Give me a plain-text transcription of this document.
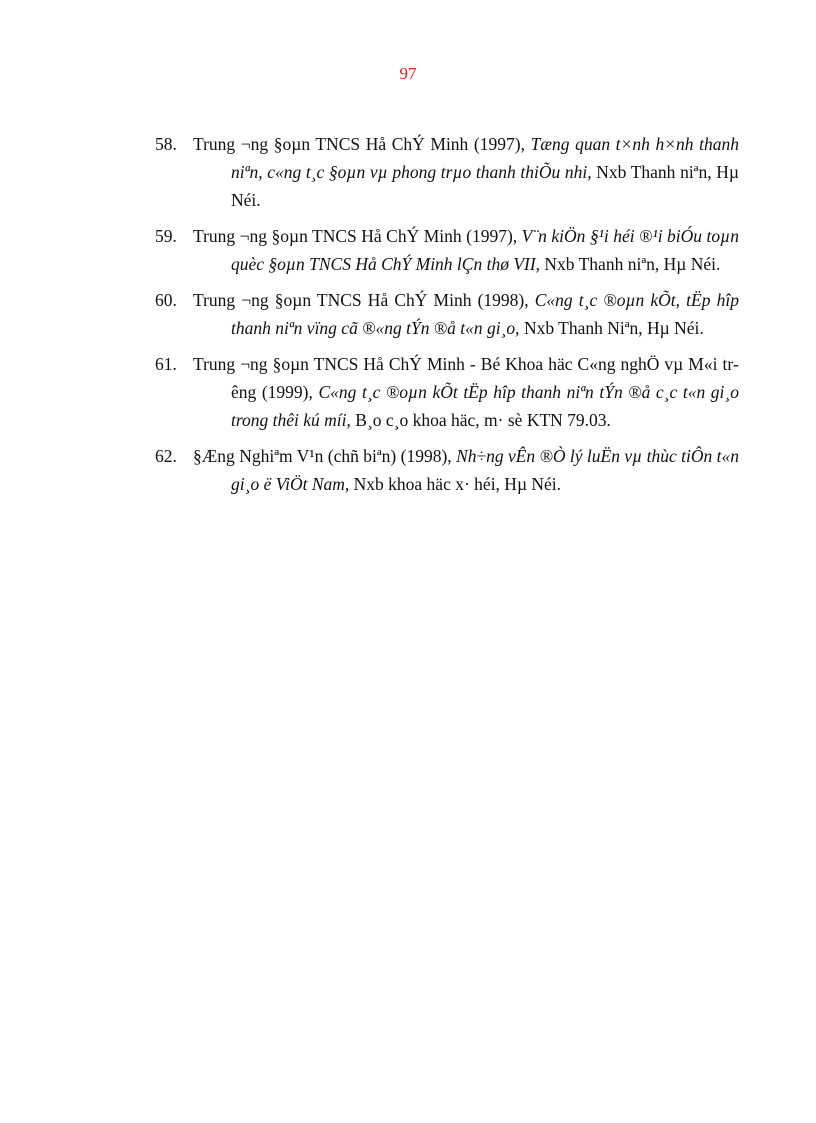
97
58. Trung ¬ng §oµn TNCS Hå ChÝ Minh (1997), Tæng quan t×nh h×nh thanh niªn, c«ng t¸c §oµn vµ phong trµo thanh thiÕu nhi, Nxb Thanh niªn, Hµ Néi.
59. Trung ¬ng §oµn TNCS Hå ChÝ Minh (1997), V¨n kiÖn §¹i héi ®¹i biÓu toµn quèc §oµn TNCS Hå ChÝ Minh lÇn thø VII, Nxb Thanh niªn, Hµ Néi.
60. Trung ¬ng §oµn TNCS Hå ChÝ Minh (1998), C«ng t¸c ®oµn kÕt, tËp hîp thanh niªn vïng cã ®«ng tÝn ®å t«n gi¸o, Nxb Thanh Niªn, Hµ Néi.
61. Trung ¬ng §oµn TNCS Hå ChÝ Minh - Bé Khoa häc C«ng nghÖ vµ M«i trêng (1999), C«ng t¸c ®oµn kÕt tËp hîp thanh niªn tÝn ®å c¸c t«n gi¸o trong thêi kú míi, B¸o c¸o khoa häc, m· sè KTN 79.03.
62. §Æng Nghiªm V¹n (chñ biªn) (1998), Nh÷ng vÊn ®Ò lý luËn vµ thùc tiÔn t«n gi¸o ë ViÖt Nam, Nxb khoa häc x· héi, Hµ Néi.
